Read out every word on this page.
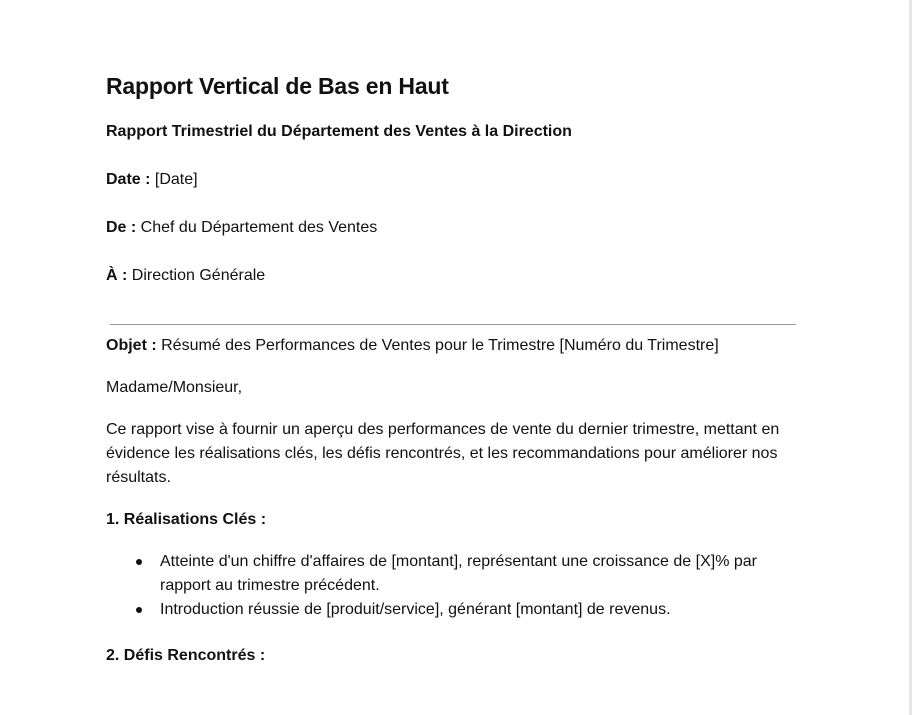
Rapport Vertical de Bas en Haut
Rapport Trimestriel du Département des Ventes à la Direction
Date : [Date]
De : Chef du Département des Ventes
À : Direction Générale
Objet : Résumé des Performances de Ventes pour le Trimestre [Numéro du Trimestre]
Madame/Monsieur,
Ce rapport vise à fournir un aperçu des performances de vente du dernier trimestre, mettant en évidence les réalisations clés, les défis rencontrés, et les recommandations pour améliorer nos résultats.
1. Réalisations Clés :
Atteinte d'un chiffre d'affaires de [montant], représentant une croissance de [X]% par rapport au trimestre précédent.
Introduction réussie de [produit/service], générant [montant] de revenus.
2. Défis Rencontrés :
